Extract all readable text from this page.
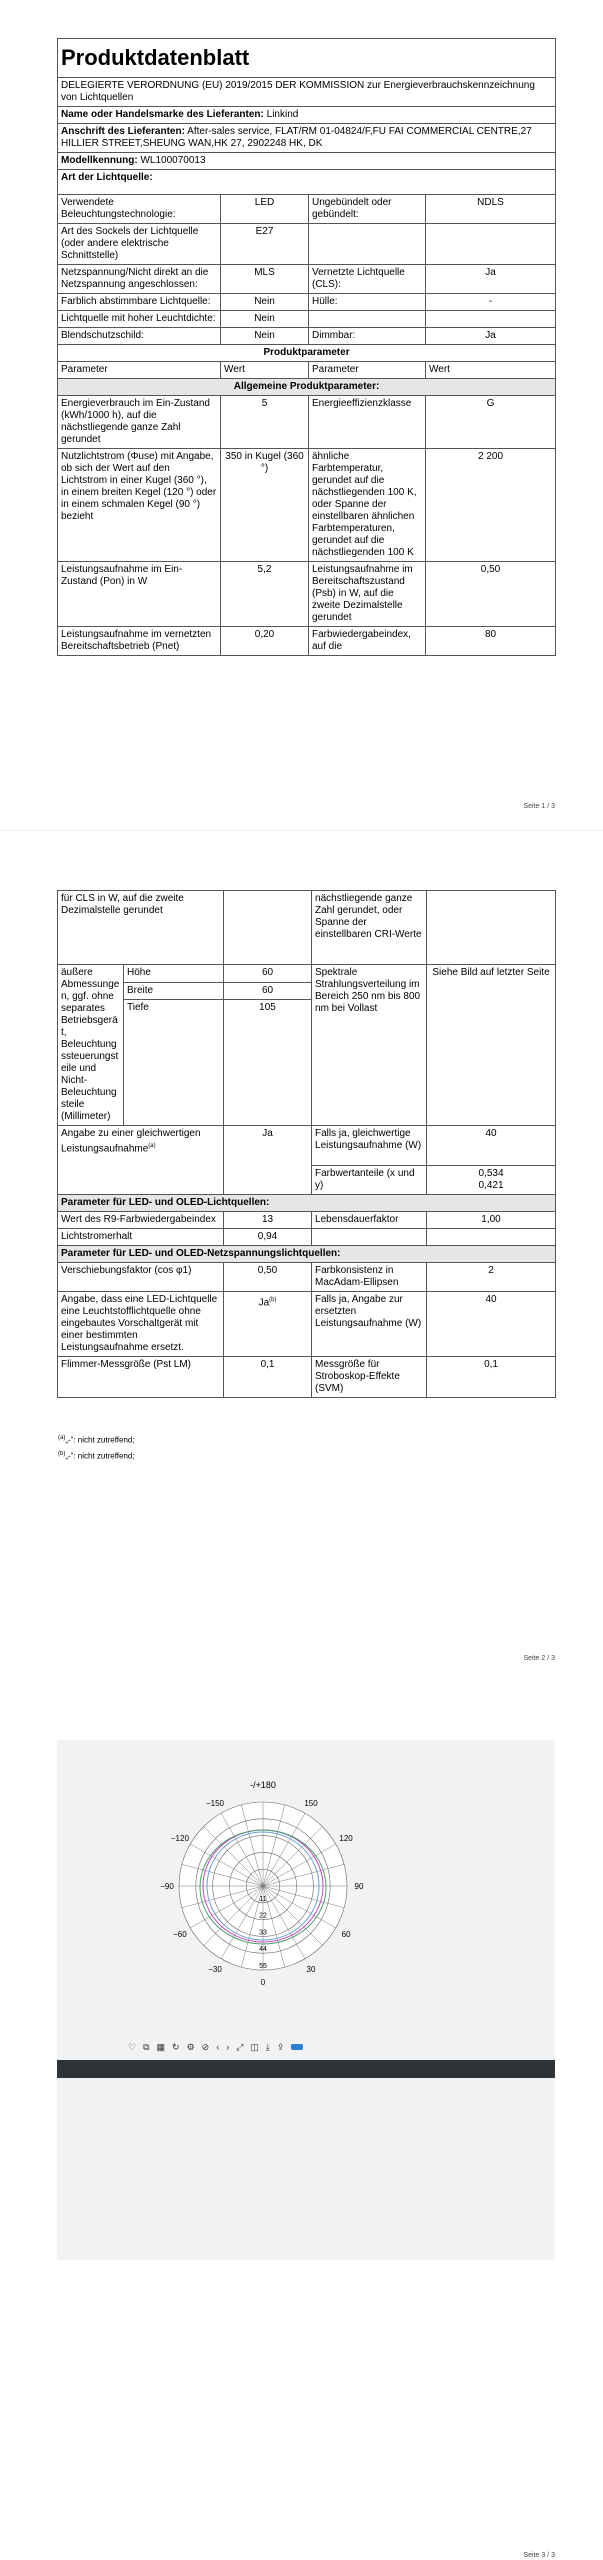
Produktdatenblatt			
DELEGIERTE VERORDNUNG (EU) 2019/2015 DER KOMMISSION zur Energieverbrauchskennzeichnung von Lichtquellen			
Name oder Handelsmarke des Lieferanten: Linkind			
Anschrift des Lieferanten: After-sales service, FLAT/RM 01-04824/F,FU FAI COMMERCIAL CENTRE,27 HILLIER STREET,SHEUNG WAN,HK 27, 2902248 HK, DK			
Modellkennung: WL100070013			
Art der Lichtquelle:			
Verwendete Beleuchtungstechnologie:	LED	Ungebündelt oder gebündelt:	NDLS
Art des Sockels der Lichtquelle (oder andere elektrische Schnittstelle)	E27		
Netzspannung/Nicht direkt an die Netzspannung angeschlossen:	MLS	Vernetzte Lichtquelle (CLS):	Ja
Farblich abstimmbare Lichtquelle:	Nein	Hülle:	-
Lichtquelle mit hoher Leuchtdichte:	Nein		
Blendschutzschild:	Nein	Dimmbar:	Ja
Produktparameter			
Parameter	Wert	Parameter	Wert
Allgemeine Produktparameter:			
Energieverbrauch im Ein-Zustand (kWh/1000 h), auf die nächstliegende ganze Zahl gerundet	5	Energieeffizienzklasse	G
Nutzlichtstrom (Φuse) mit Angabe, ob sich der Wert auf den Lichtstrom in einer Kugel (360 °), in einem breiten Kegel (120 °) oder in einem schmalen Kegel (90 °) bezieht	350 in Kugel (360 °)	ähnliche Farbtemperatur, gerundet auf die nächstliegenden 100 K, oder Spanne der einstellbaren ähnlichen Farbtemperaturen, gerundet auf die nächstliegenden 100 K	2 200
Leistungsaufnahme im Ein-Zustand (Pon) in W	5,2	Leistungsaufnahme im Bereitschaftszustand (Psb) in W, auf die zweite Dezimalstelle gerundet	0,50
Leistungsaufnahme im vernetzten Bereitschaftsbetrieb (Pnet)	0,20	Farbwiedergabeindex, auf die	80
Seite 1 / 3
für CLS in W, auf die zweite Dezimalstelle gerundet			nächstliegende ganze Zahl gerundet, oder Spanne der einstellbaren CRI-Werte	
äußere Abmessungen, ggf. ohne separates Betriebsgerät, Beleuchtungssteuerungsteile und Nicht-Beleuchtungsteile (Millimeter)	Höhe	60	Spektrale Strahlungsverteilung im Bereich 250 nm bis 800 nm bei Vollast	Siehe Bild auf letzter Seite
	Breite	60		
	Tiefe	105		
Angabe zu einer gleichwertigen Leistungsaufnahme$^{(a)}$		Ja	Falls ja, gleichwertige Leistungsaufnahme (W)	40
			Farbwertanteile (x und y)	0,534
0,421

Parameter für LED- und OLED-Lichtquellen:				
Wert des R9-Farbwiedergabeindex		13	Lebensdauerfaktor	1,00
Lichtstromerhalt		0,94		
Parameter für LED- und OLED-Netzspannungslichtquellen:				
Verschiebungsfaktor (cos φ1)		0,50	Farbkonsistenz in MacAdam-Ellipsen	2
Angabe, dass eine LED-Lichtquelle eine Leuchtstofflichtquelle ohne eingebautes Vorschaltgerät mit einer bestimmten Leistungsaufnahme ersetzt.		Ja$^{(b)}$	Falls ja, Angabe zur ersetzten Leistungsaufnahme (W)	40
Flimmer-Messgröße (Pst LM)		0,1	Messgröße für Stroboskop-Effekte (SVM)	0,1
$^{(a)}$„-“: nicht zutreffend;
$^{(b)}$„-“: nicht zutreffend;
Seite 2 / 3
-/+180
−150	150
−120	120
−90	90
−60	60
−30	30
0
11
22
33
44
55
♡ ⧉ ▦ ↻ ⚙ ⊘ ‹ › ⤢ ◫ ⤓ ⇪
Seite 3 / 3
